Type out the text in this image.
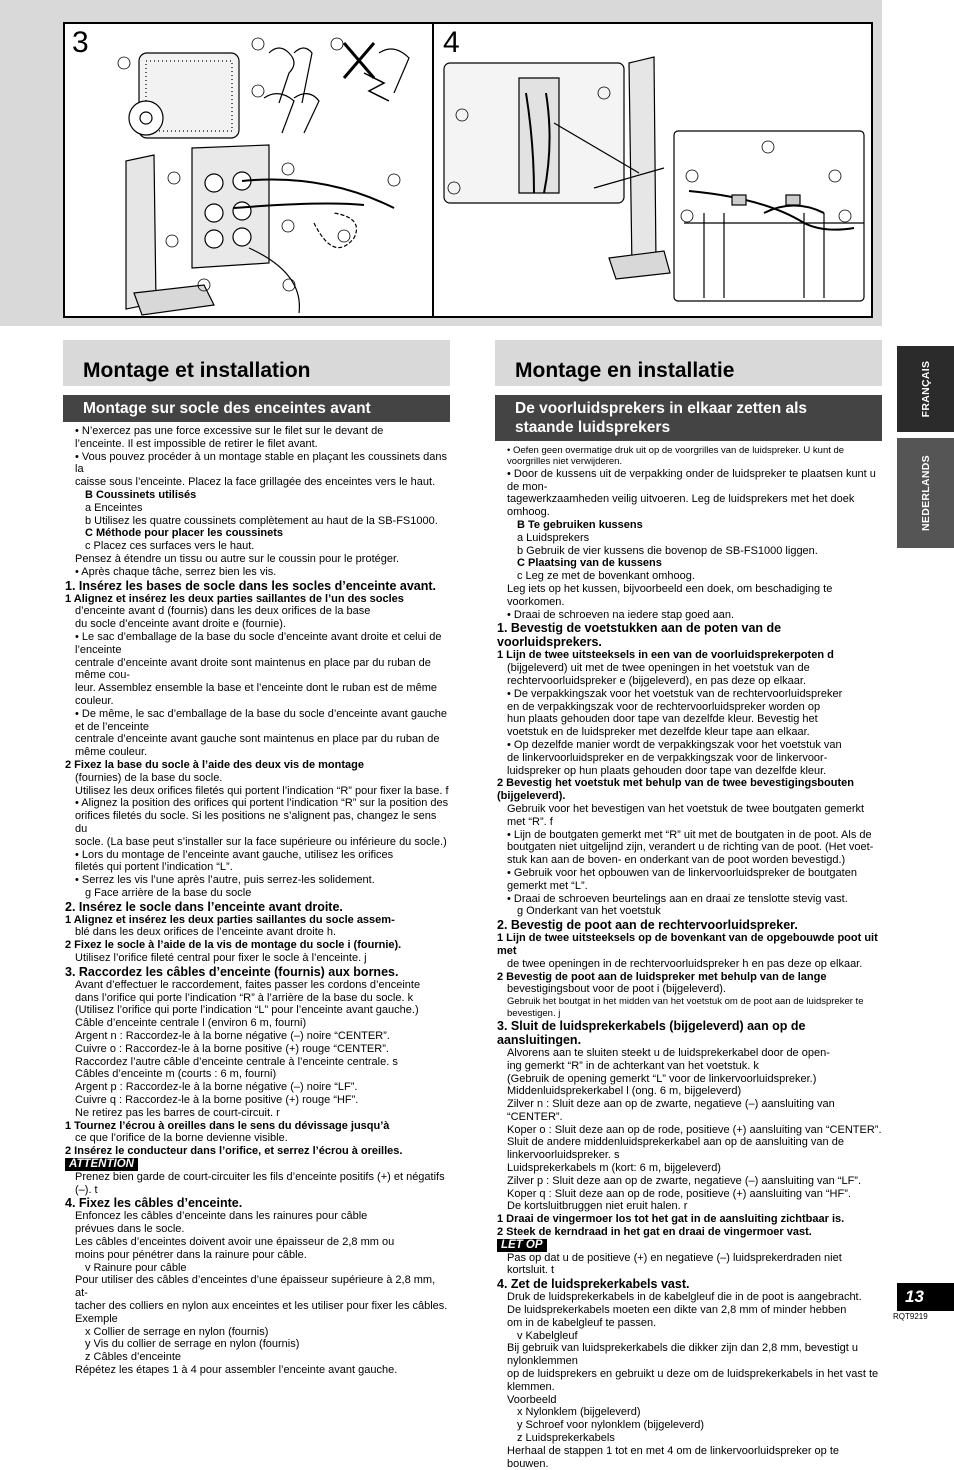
3	4
Montage et installation
Montage sur socle des enceintes avant

• N’exercez pas une force excessive sur le filet sur le devant de

l’enceinte. Il est impossible de retirer le filet avant.

• Vous pouvez procéder à un montage stable en plaçant les coussinets dans la

caisse sous l’enceinte. Placez la face grillagée des enceintes vers le haut.

B Coussinets utilisés

a Enceintes

b Utilisez les quatre coussinets complètement au haut de la SB-FS1000.

C Méthode pour placer les coussinets

c Placez ces surfaces vers le haut.

Pensez à étendre un tissu ou autre sur le coussin pour le protéger.

• Après chaque tâche, serrez bien les vis.

1. Insérez les bases de socle dans les socles d’enceinte avant.

1 Alignez et insérez les deux parties saillantes de l’un des socles

d’enceinte avant d (fournis) dans les deux orifices de la base

du socle d’enceinte avant droite e (fournie).

• Le sac d’emballage de la base du socle d’enceinte avant droite et celui de l’enceinte

centrale d’enceinte avant droite sont maintenus en place par du ruban de même cou-

leur. Assemblez ensemble la base et l’enceinte dont le ruban est de même couleur.

• De même, le sac d’emballage de la base du socle d’enceinte avant gauche et de l’enceinte

centrale d’enceinte avant gauche sont maintenus en place par du ruban de même couleur.

2 Fixez la base du socle à l’aide des deux vis de montage

(fournies) de la base du socle.

Utilisez les deux orifices filetés qui portent l’indication “R” pour fixer la base. f

• Alignez la position des orifices qui portent l’indication “R” sur la position des

orifices filetés du socle. Si les positions ne s’alignent pas, changez le sens du

socle. (La base peut s’installer sur la face supérieure ou inférieure du socle.)

• Lors du montage de l’enceinte avant gauche, utilisez les orifices

filetés qui portent l’indication “L”.

• Serrez les vis l’une après l’autre, puis serrez-les solidement.

g Face arrière de la base du socle

2. Insérez le socle dans l’enceinte avant droite.

1 Alignez et insérez les deux parties saillantes du socle assem-

blé dans les deux orifices de l’enceinte avant droite h.

2 Fixez le socle à l’aide de la vis de montage du socle i (fournie).

Utilisez l’orifice fileté central pour fixer le socle à l’enceinte. j

3. Raccordez les câbles d’enceinte (fournis) aux bornes.

Avant d’effectuer le raccordement, faites passer les cordons d’enceinte

dans l’orifice qui porte l’indication “R” à l’arrière de la base du socle. k

(Utilisez l’orifice qui porte l’indication “L” pour l’enceinte avant gauche.)

Câble d’enceinte centrale l (environ 6 m, fourni)

Argent n : Raccordez-le à la borne négative (–) noire “CENTER”.

Cuivre o : Raccordez-le à la borne positive (+) rouge “CENTER”.

Raccordez l’autre câble d’enceinte centrale à l’enceinte centrale. s

Câbles d’enceinte m (courts : 6 m, fourni)

Argent p : Raccordez-le à la borne négative (–) noire “LF”.

Cuivre q : Raccordez-le à la borne positive (+) rouge “HF”.

Ne retirez pas les barres de court-circuit. r

1 Tournez l’écrou à oreilles dans le sens du dévissage jusqu’à

ce que l’orifice de la borne devienne visible.

2 Insérez le conducteur dans l’orifice, et serrez l’écrou à oreilles.

ATTENTION

Prenez bien garde de court-circuiter les fils d’enceinte positifs (+) et négatifs (–). t

4. Fixez les câbles d’enceinte.

Enfoncez les câbles d’enceinte dans les rainures pour câble

prévues dans le socle.

Les câbles d’enceintes doivent avoir une épaisseur de 2,8 mm ou

moins pour pénétrer dans la rainure pour câble.

v Rainure pour câble

Pour utiliser des câbles d’enceintes d’une épaisseur supérieure à 2,8 mm, at-

tacher des colliers en nylon aux enceintes et les utiliser pour fixer les câbles.

Exemple

x Collier de serrage en nylon (fournis)

y Vis du collier de serrage en nylon (fournis)

z Câbles d’enceinte

Répétez les étapes 1 à 4 pour assembler l’enceinte avant gauche.

Montage en installatie
De voorluidsprekers in elkaar zetten als staande luidsprekers

• Oefen geen overmatige druk uit op de voorgrilles van de luidspreker. U kunt de voorgrilles niet verwijderen.

• Door de kussens uit de verpakking onder de luidspreker te plaatsen kunt u de mon-

tagewerkzaamheden veilig uitvoeren. Leg de luidsprekers met het doek omhoog.

B Te gebruiken kussens

a Luidsprekers

b Gebruik de vier kussens die bovenop de SB-FS1000 liggen.

C Plaatsing van de kussens

c Leg ze met de bovenkant omhoog.

Leg iets op het kussen, bijvoorbeeld een doek, om beschadiging te voorkomen.

• Draai de schroeven na iedere stap goed aan.

1. Bevestig de voetstukken aan de poten van de voorluidsprekers.

1 Lijn de twee uitsteeksels in een van de voorluidsprekerpoten d

(bijgeleverd) uit met de twee openingen in het voetstuk van de

rechtervoorluidspreker e (bijgeleverd), en pas deze op elkaar.

• De verpakkingszak voor het voetstuk van de rechtervoorluidspreker

en de verpakkingszak voor de rechtervoorluidspreker worden op

hun plaats gehouden door tape van dezelfde kleur. Bevestig het

voetstuk en de luidspreker met dezelfde kleur tape aan elkaar.

• Op dezelfde manier wordt de verpakkingszak voor het voetstuk van

de linkervoorluidspreker en de verpakkingszak voor de linkervoor-

luidspreker op hun plaats gehouden door tape van dezelfde kleur.

2 Bevestig het voetstuk met behulp van de twee bevestigingsbouten (bijgeleverd).

Gebruik voor het bevestigen van het voetstuk de twee boutgaten gemerkt met “R”. f

• Lijn de boutgaten gemerkt met “R” uit met de boutgaten in de poot. Als de

boutgaten niet uitgelijnd zijn, verandert u de richting van de poot. (Het voet-

stuk kan aan de boven- en onderkant van de poot worden bevestigd.)

• Gebruik voor het opbouwen van de linkervoorluidspreker de boutgaten gemerkt met “L”.

• Draai de schroeven beurtelings aan en draai ze tenslotte stevig vast.

g Onderkant van het voetstuk

2. Bevestig de poot aan de rechtervoorluidspreker.

1 Lijn de twee uitsteeksels op de bovenkant van de opgebouwde poot uit met

de twee openingen in de rechtervoorluidspreker h en pas deze op elkaar.

2 Bevestig de poot aan de luidspreker met behulp van de lange

bevestigingsbout voor de poot i (bijgeleverd).

Gebruik het boutgat in het midden van het voetstuk om de poot aan de luidspreker te bevestigen. j

3. Sluit de luidsprekerkabels (bijgeleverd) aan op de aansluitingen.

Alvorens aan te sluiten steekt u de luidsprekerkabel door de open-

ing gemerkt “R” in de achterkant van het voetstuk. k

(Gebruik de opening gemerkt “L” voor de linkervoorluidspreker.)

Middenluidsprekerkabel l (ong. 6 m, bijgeleverd)

Zilver n : Sluit deze aan op de zwarte, negatieve (–) aansluiting van “CENTER”.

Koper o : Sluit deze aan op de rode, positieve (+) aansluiting van “CENTER”.

Sluit de andere middenluidsprekerkabel aan op de aansluiting van de linkervoorluidspreker. s

Luidsprekerkabels m (kort: 6 m, bijgeleverd)

Zilver p : Sluit deze aan op de zwarte, negatieve (–) aansluiting van “LF”.

Koper q : Sluit deze aan op de rode, positieve (+) aansluiting van “HF”.

De kortsluitbruggen niet eruit halen. r

1 Draai de vingermoer los tot het gat in de aansluiting zichtbaar is.

2 Steek de kerndraad in het gat en draai de vingermoer vast.

LET OP

Pas op dat u de positieve (+) en negatieve (–) luidsprekerdraden niet kortsluit. t

4. Zet de luidsprekerkabels vast.

Druk de luidsprekerkabels in de kabelgleuf die in de poot is aangebracht.

De luidsprekerkabels moeten een dikte van 2,8 mm of minder hebben

om in de kabelgleuf te passen.

v Kabelgleuf

Bij gebruik van luidsprekerkabels die dikker zijn dan 2,8 mm, bevestigt u nylonklemmen

op de luidsprekers en gebruikt u deze om de luidsprekerkabels in het vast te klemmen.

Voorbeeld

x Nylonklem (bijgeleverd)

y Schroef voor nylonklem (bijgeleverd)

z Luidsprekerkabels

Herhaal de stappen 1 tot en met 4 om de linkervoorluidspreker op te bouwen.

FRANÇAIS
NEDERLANDS
13
RQT9219
